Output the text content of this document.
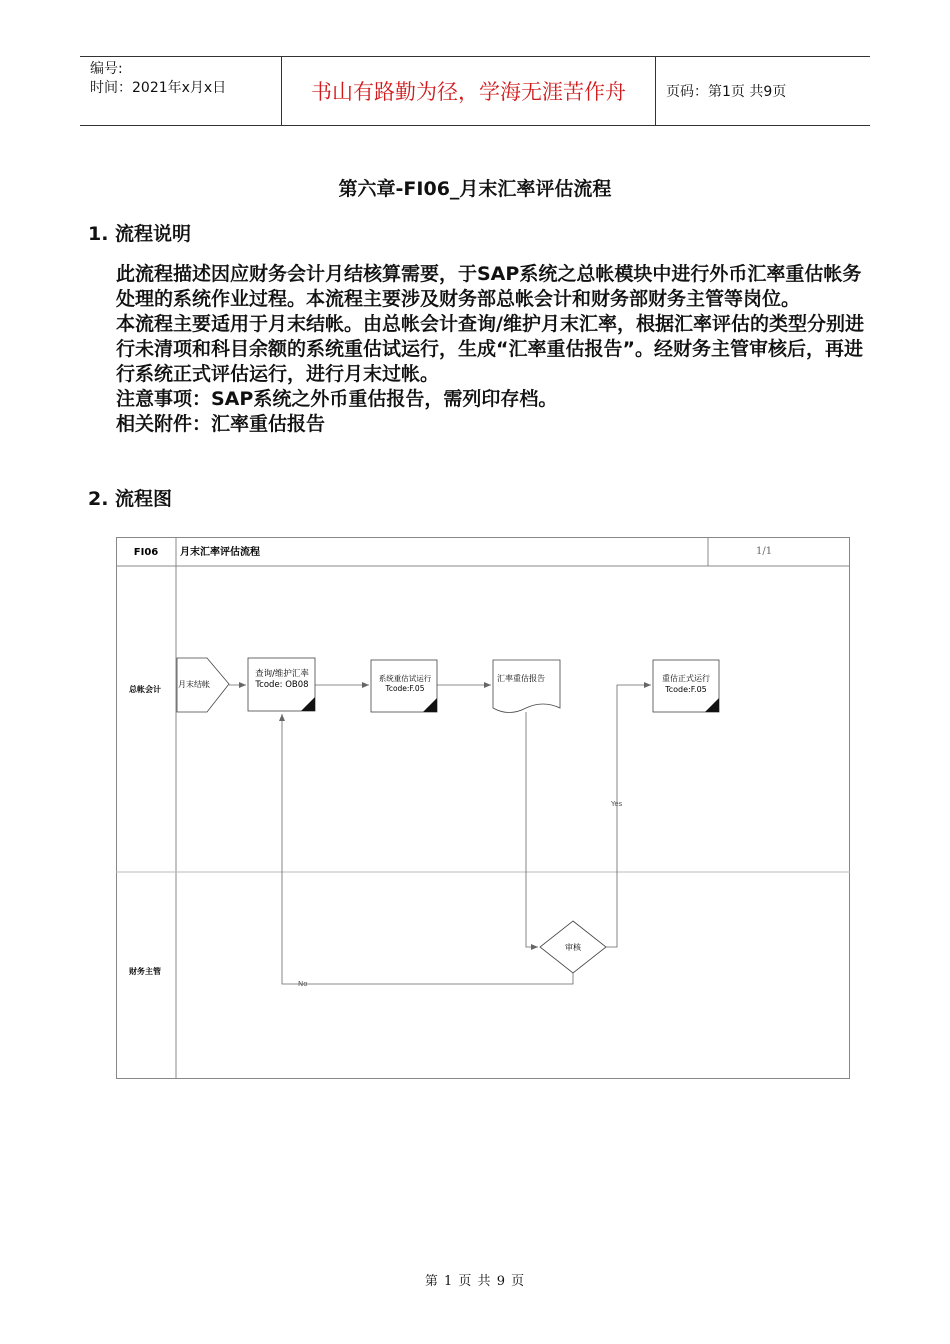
编号:
时间：2021年x月x日	书山有路勤为径，学海无涯苦作舟	页码：第1页 共9页
第六章-FI06_月末汇率评估流程
1. 流程说明

此流程描述因应财务会计月结核算需要，于SAP系统之总帐模块中进行外币汇率重估帐务处理的系统作业过程。本流程主要涉及财务部总帐会计和财务部财务主管等岗位。

本流程主要适用于月末结帐。由总帐会计查询/维护月末汇率，根据汇率评估的类型分别进行未清项和科目余额的系统重估试运行，生成“汇率重估报告”。经财务主管审核后，再进行系统正式评估运行，进行月末过帐。

注意事项：SAP系统之外币重估报告，需列印存档。

相关附件：汇率重估报告

2. 流程图
FI06 月末汇率评估流程	1/1
总帐会计
财务主管
月末结帐
查询/维护汇率
Tcode: OB08
系统重估试运行
Tcode:F.05
汇率重估报告	重估正式运行
Tcode:F.05
审核
Yes
No
第 1 页 共 9 页
